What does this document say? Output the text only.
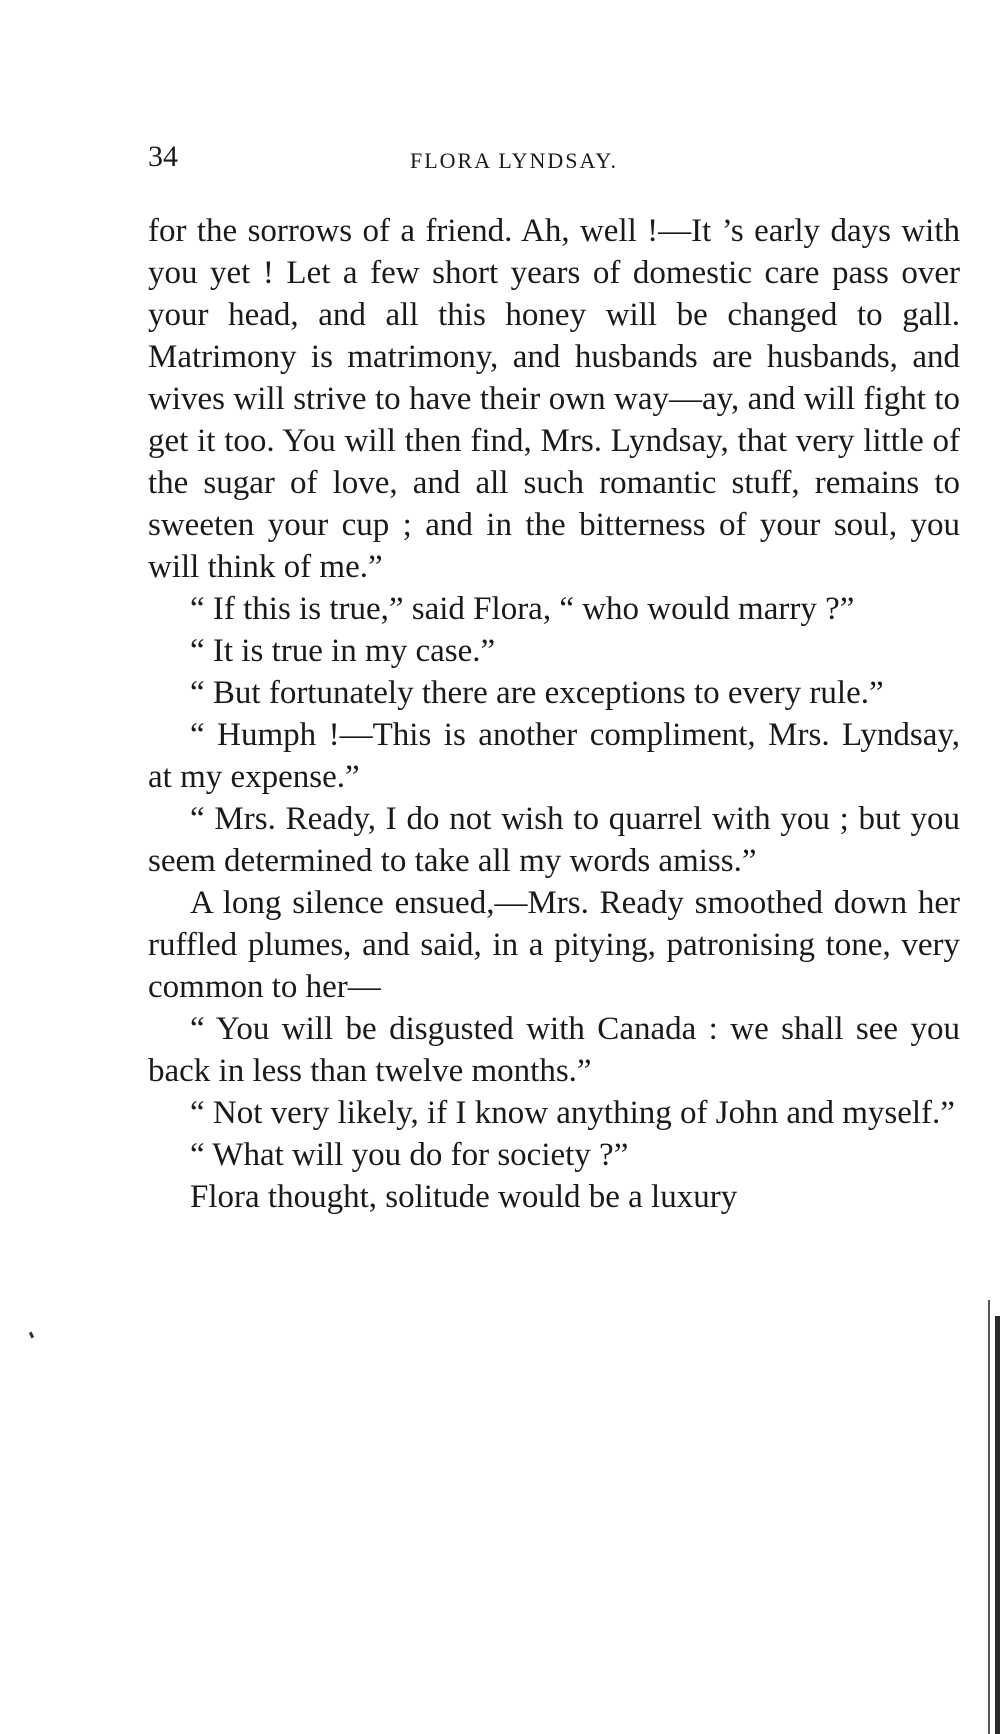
34	FLORA LYNDSAY.

for the sorrows of a friend. Ah, well !—It ’s early days with you yet ! Let a few short years of domestic care pass over your head, and all this honey will be changed to gall. Matrimony is matrimony, and husbands are husbands, and wives will strive to have their own way—ay, and will fight to get it too. You will then find, Mrs. Lyndsay, that very little of the sugar of love, and all such romantic stuff, remains to sweeten your cup ; and in the bitterness of your soul, you will think of me.”

“ If this is true,” said Flora, “ who would marry ?”

“ It is true in my case.”

“ But fortunately there are exceptions to every rule.”

“ Humph !—This is another compliment, Mrs. Lyndsay, at my expense.”

“ Mrs. Ready, I do not wish to quarrel with you ; but you seem determined to take all my words amiss.”

A long silence ensued,—Mrs. Ready smoothed down her ruffled plumes, and said, in a pitying, patronising tone, very common to her—

“ You will be disgusted with Canada : we shall see you back in less than twelve months.”

“ Not very likely, if I know anything of John and myself.”

“ What will you do for society ?”

Flora thought, solitude would be a luxury
